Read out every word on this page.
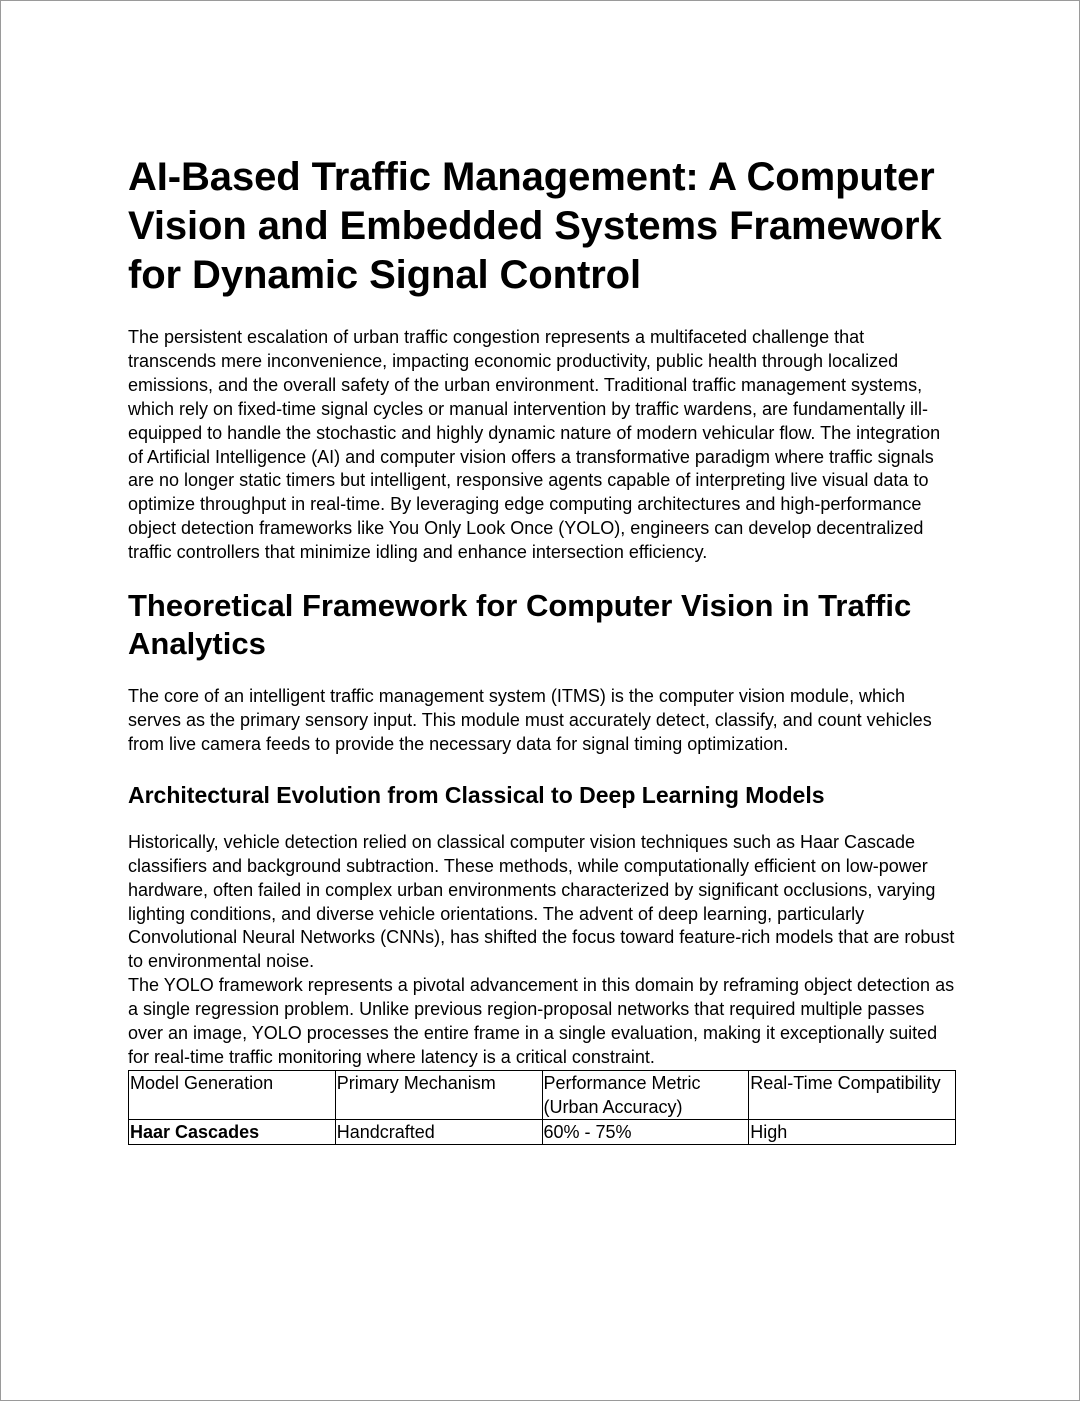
AI-Based Traffic Management: A Computer Vision and Embedded Systems Framework for Dynamic Signal Control

The persistent escalation of urban traffic congestion represents a multifaceted challenge that transcends mere inconvenience, impacting economic productivity, public health through localized emissions, and the overall safety of the urban environment. Traditional traffic management systems, which rely on fixed-time signal cycles or manual intervention by traffic wardens, are fundamentally ill-equipped to handle the stochastic and highly dynamic nature of modern vehicular flow. The integration of Artificial Intelligence (AI) and computer vision offers a transformative paradigm where traffic signals are no longer static timers but intelligent, responsive agents capable of interpreting live visual data to optimize throughput in real-time. By leveraging edge computing architectures and high-performance object detection frameworks like You Only Look Once (YOLO), engineers can develop decentralized traffic controllers that minimize idling and enhance intersection efficiency.

Theoretical Framework for Computer Vision in Traffic Analytics

The core of an intelligent traffic management system (ITMS) is the computer vision module, which serves as the primary sensory input. This module must accurately detect, classify, and count vehicles from live camera feeds to provide the necessary data for signal timing optimization.

Architectural Evolution from Classical to Deep Learning Models

Historically, vehicle detection relied on classical computer vision techniques such as Haar Cascade classifiers and background subtraction. These methods, while computationally efficient on low-power hardware, often failed in complex urban environments characterized by significant occlusions, varying lighting conditions, and diverse vehicle orientations. The advent of deep learning, particularly Convolutional Neural Networks (CNNs), has shifted the focus toward feature-rich models that are robust to environmental noise.

The YOLO framework represents a pivotal advancement in this domain by reframing object detection as a single regression problem. Unlike previous region-proposal networks that required multiple passes over an image, YOLO processes the entire frame in a single evaluation, making it exceptionally suited for real-time traffic monitoring where latency is a critical constraint.

Model Generation	Primary Mechanism	Performance Metric (Urban Accuracy)	Real-Time Compatibility
Haar Cascades	Handcrafted	60% - 75%	High
